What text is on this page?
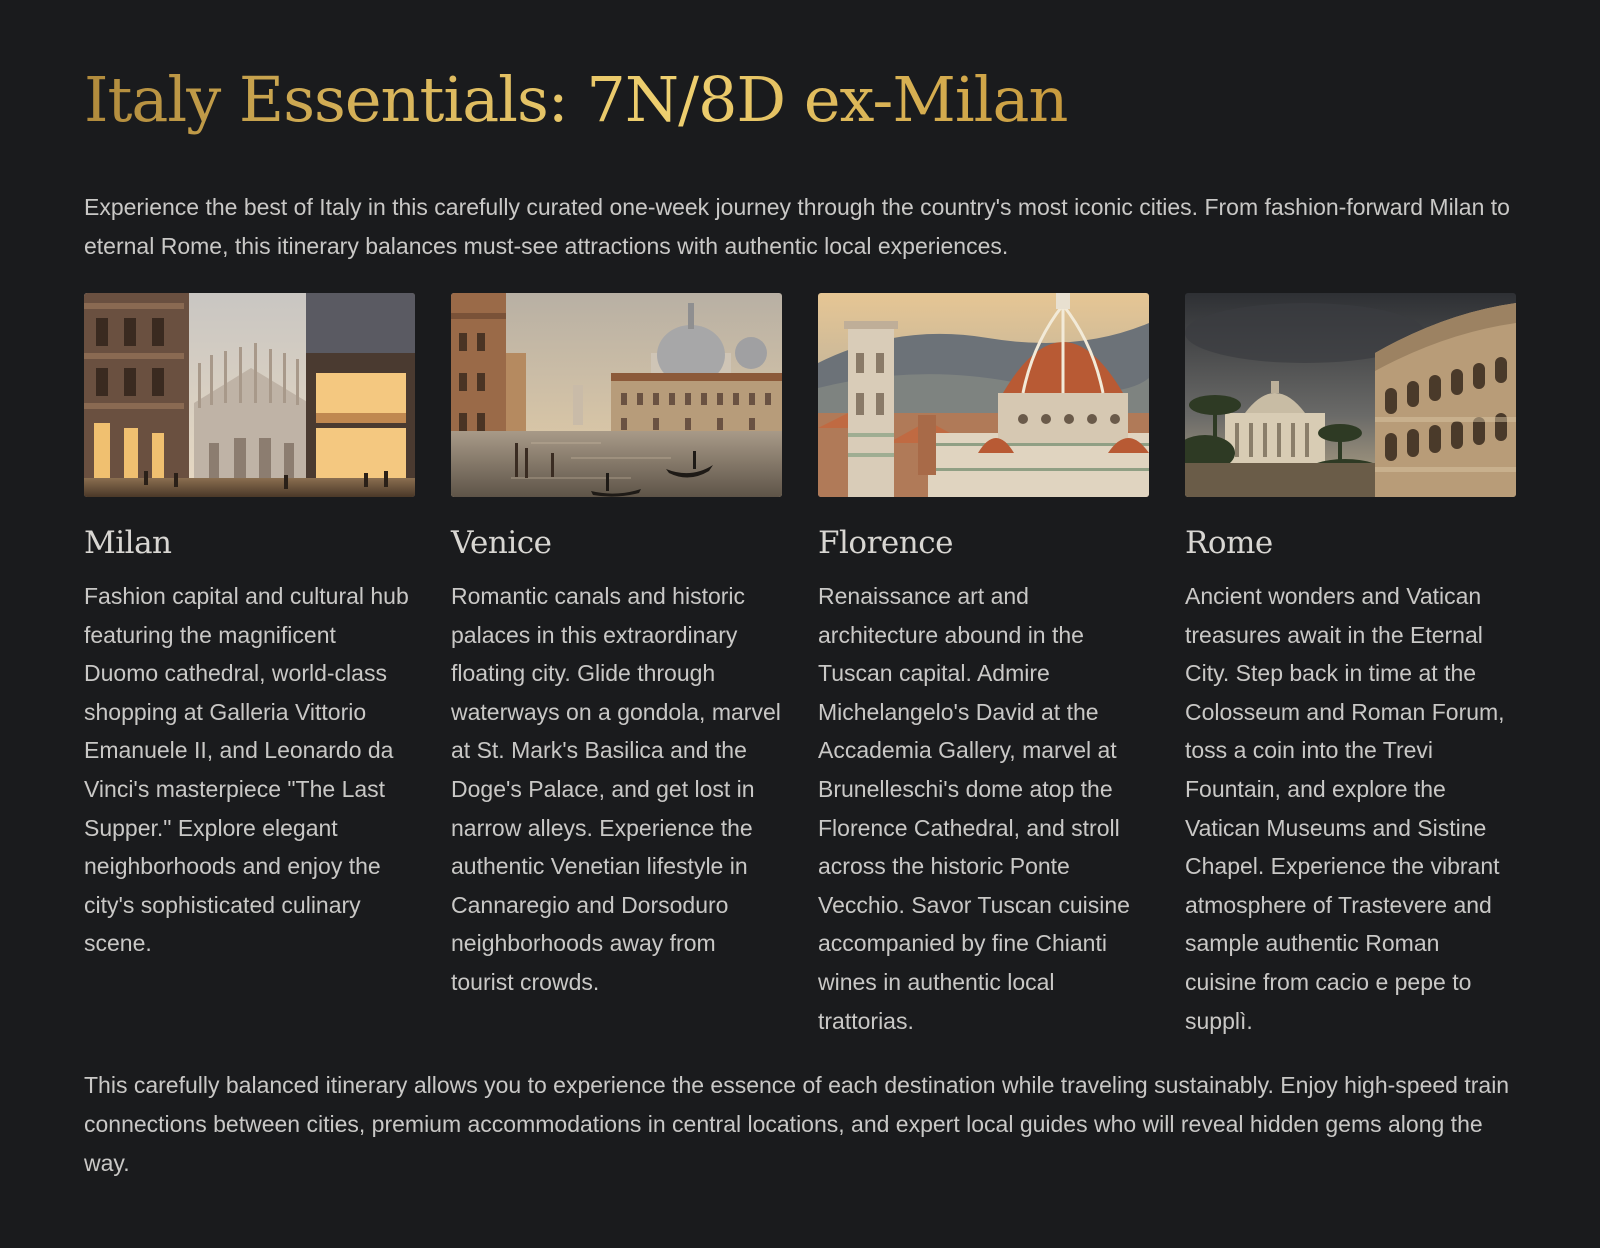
Italy Essentials: 7N/8D ex-Milan

Experience the best of Italy in this carefully curated one-week journey through the country's most iconic cities. From fashion-forward Milan to eternal Rome, this itinerary balances must-see attractions with authentic local experiences.

Milan

Fashion capital and cultural hub featuring the magnificent Duomo cathedral, world-class shopping at Galleria Vittorio Emanuele II, and Leonardo da Vinci's masterpiece "The Last Supper." Explore elegant neighborhoods and enjoy the city's sophisticated culinary scene.

Venice

Romantic canals and historic palaces in this extraordinary floating city. Glide through waterways on a gondola, marvel at St. Mark's Basilica and the Doge's Palace, and get lost in narrow alleys. Experience the authentic Venetian lifestyle in Cannaregio and Dorsoduro neighborhoods away from tourist crowds.

Florence

Renaissance art and architecture abound in the Tuscan capital. Admire Michelangelo's David at the Accademia Gallery, marvel at Brunelleschi's dome atop the Florence Cathedral, and stroll across the historic Ponte Vecchio. Savor Tuscan cuisine accompanied by fine Chianti wines in authentic local trattorias.

Rome

Ancient wonders and Vatican treasures await in the Eternal City. Step back in time at the Colosseum and Roman Forum, toss a coin into the Trevi Fountain, and explore the Vatican Museums and Sistine Chapel. Experience the vibrant atmosphere of Trastevere and sample authentic Roman cuisine from cacio e pepe to supplì.

This carefully balanced itinerary allows you to experience the essence of each destination while traveling sustainably. Enjoy high-speed train connections between cities, premium accommodations in central locations, and expert local guides who will reveal hidden gems along the way.
